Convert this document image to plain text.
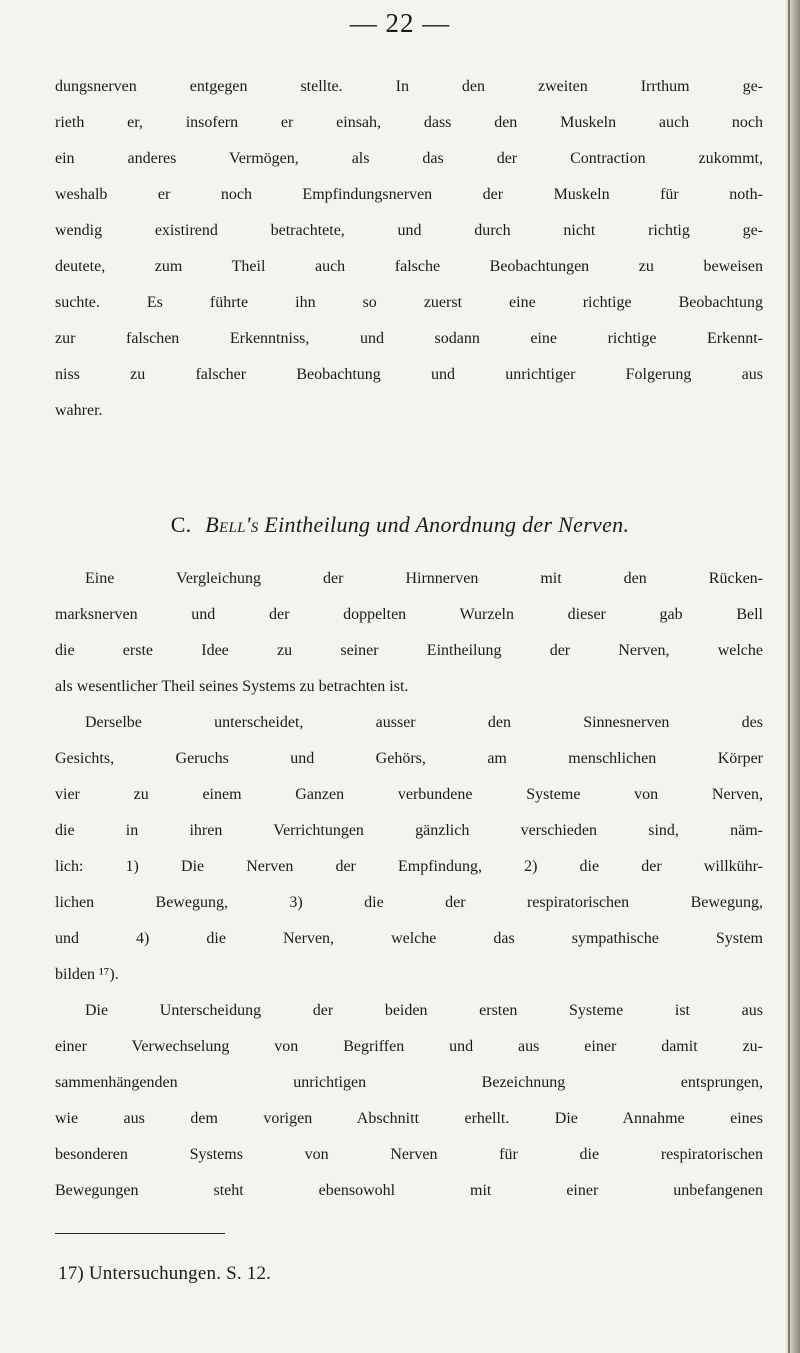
— 22 —
dungsnerven entgegen stellte. In den zweiten Irrthum ge-
rieth er, insofern er einsah, dass den Muskeln auch noch
ein anderes Vermögen, als das der Contraction zukommt,
weshalb er noch Empfindungsnerven der Muskeln für noth-
wendig existirend betrachtete, und durch nicht richtig ge-
deutete, zum Theil auch falsche Beobachtungen zu beweisen
suchte. Es führte ihn so zuerst eine richtige Beobachtung
zur falschen Erkenntniss, und sodann eine richtige Erkennt-
niss zu falscher Beobachtung und unrichtiger Folgerung aus
wahrer.
C. Bell's Eintheilung und Anordnung der Nerven.
Eine Vergleichung der Hirnnerven mit den Rücken-
marksnerven und der doppelten Wurzeln dieser gab Bell
die erste Idee zu seiner Eintheilung der Nerven, welche
als wesentlicher Theil seines Systems zu betrachten ist.
Derselbe unterscheidet, ausser den Sinnesnerven des
Gesichts, Geruchs und Gehörs, am menschlichen Körper
vier zu einem Ganzen verbundene Systeme von Nerven,
die in ihren Verrichtungen gänzlich verschieden sind, näm-
lich: 1) Die Nerven der Empfindung, 2) die der willkühr-
lichen Bewegung, 3) die der respiratorischen Bewegung,
und 4) die Nerven, welche das sympathische System
bilden ¹⁷).
Die Unterscheidung der beiden ersten Systeme ist aus
einer Verwechselung von Begriffen und aus einer damit zu-
sammenhängenden unrichtigen Bezeichnung entsprungen,
wie aus dem vorigen Abschnitt erhellt. Die Annahme eines
besonderen Systems von Nerven für die respiratorischen
Bewegungen steht ebensowohl mit einer unbefangenen
17) Untersuchungen. S. 12.
